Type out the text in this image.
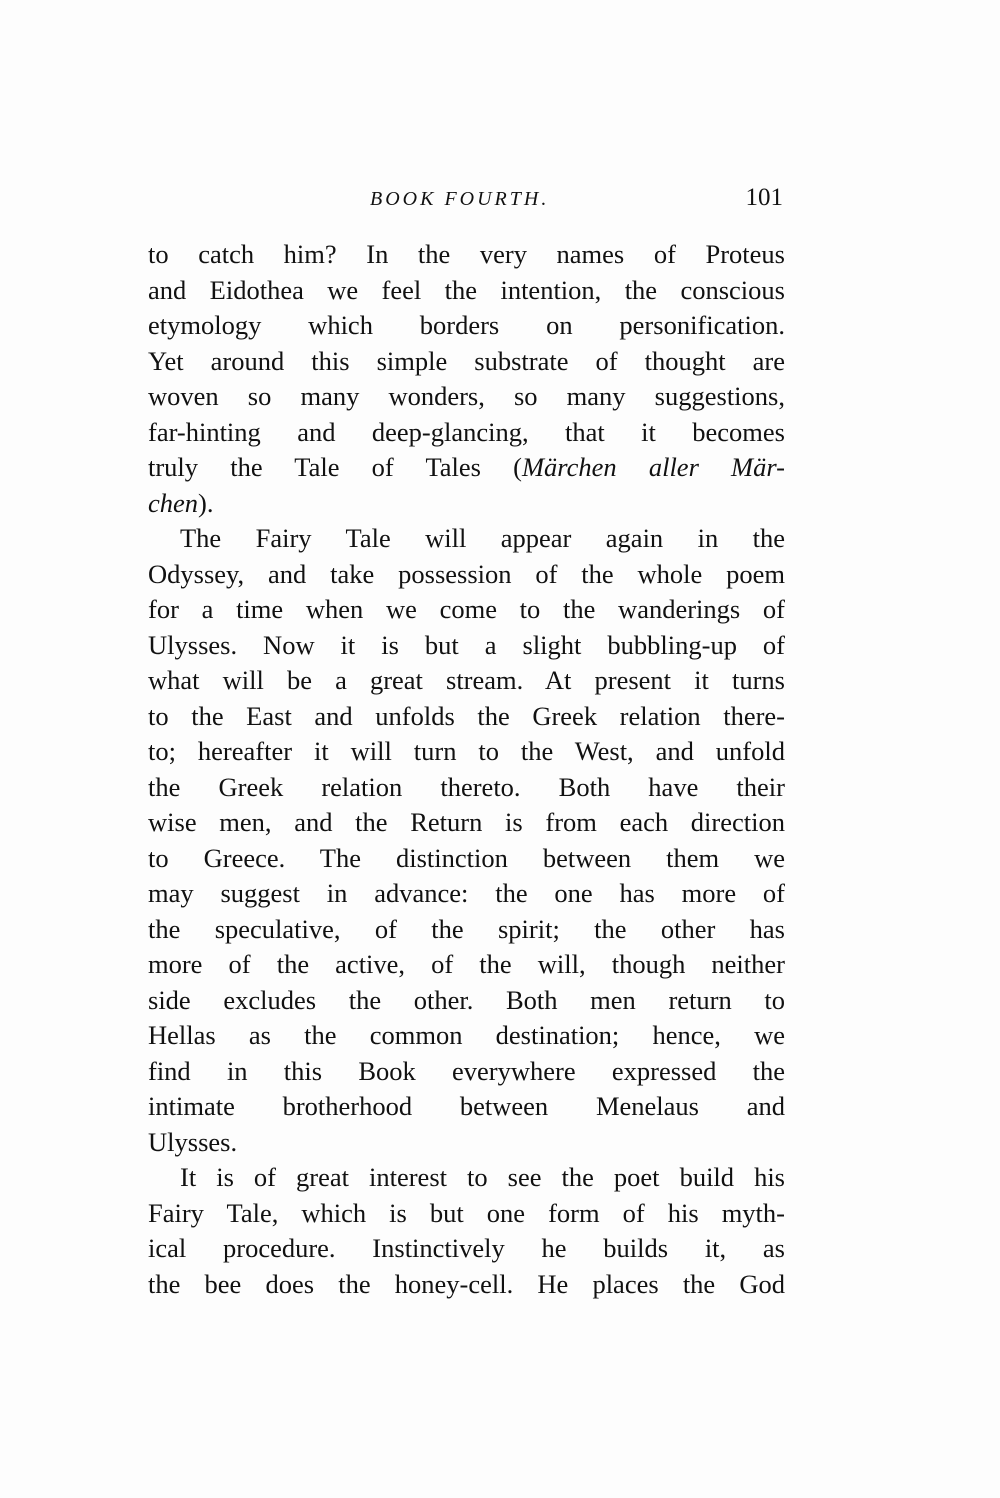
BOOK FOURTH.	101
to catch him? In the very names of Proteus
and Eidothea we feel the intention, the conscious
etymology which borders on personification.
Yet around this simple substrate of thought are
woven so many wonders, so many suggestions,
far-hinting and deep-glancing, that it becomes
truly the Tale of Tales (Märchen aller Mär-
chen).
The Fairy Tale will appear again in the
Odyssey, and take possession of the whole poem
for a time when we come to the wanderings of
Ulysses. Now it is but a slight bubbling-up of
what will be a great stream. At present it turns
to the East and unfolds the Greek relation there-
to; hereafter it will turn to the West, and unfold
the Greek relation thereto. Both have their
wise men, and the Return is from each direction
to Greece. The distinction between them we
may suggest in advance: the one has more of
the speculative, of the spirit; the other has
more of the active, of the will, though neither
side excludes the other. Both men return to
Hellas as the common destination; hence, we
find in this Book everywhere expressed the
intimate brotherhood between Menelaus and
Ulysses.
It is of great interest to see the poet build his
Fairy Tale, which is but one form of his myth-
ical procedure. Instinctively he builds it, as
the bee does the honey-cell. He places the God
